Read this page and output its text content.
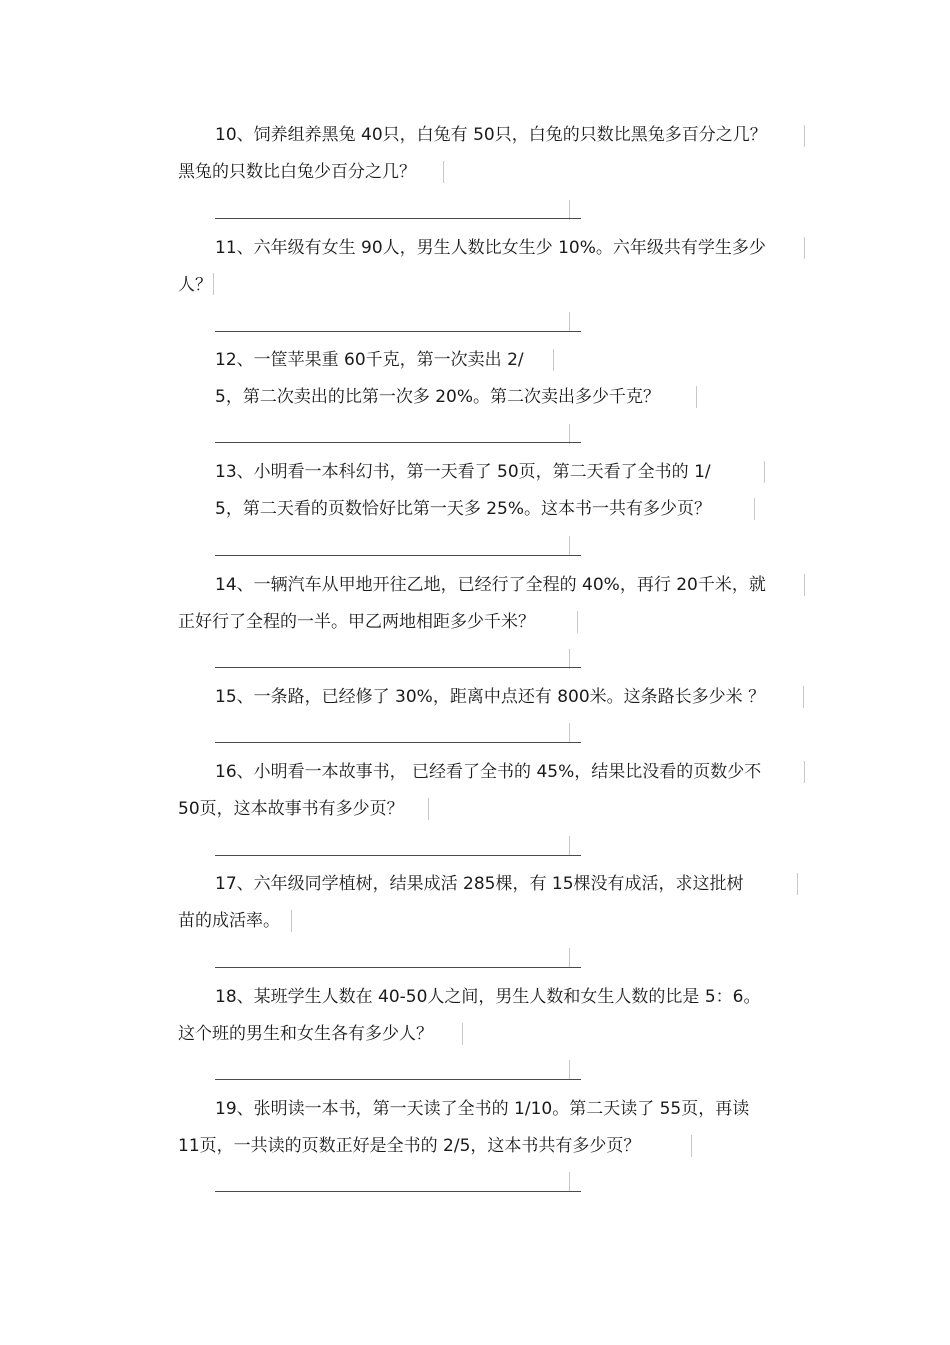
10、饲养组养黑兔 40只，白兔有 50只，白兔的只数比黑兔多百分之几？
黑兔的只数比白兔少百分之几？
11、六年级有女生 90人，男生人数比女生少 10%。六年级共有学生多少
人？
12、一筐苹果重 60千克，第一次卖出 2/
5，第二次卖出的比第一次多 20%。第二次卖出多少千克？
13、小明看一本科幻书，第一天看了 50页，第二天看了全书的 1/
5，第二天看的页数恰好比第一天多 25%。这本书一共有多少页？
14、一辆汽车从甲地开往乙地，已经行了全程的 40%，再行 20千米，就
正好行了全程的一半。甲乙两地相距多少千米？
15、一条路，已经修了 30%，距离中点还有 800米。这条路长多少米 ？
16、小明看一本故事书， 已经看了全书的 45%，结果比没看的页数少不
50页，这本故事书有多少页？
17、六年级同学植树，结果成活 285棵，有 15棵没有成活，求这批树
苗的成活率。
18、某班学生人数在 40-50人之间，男生人数和女生人数的比是 5：6。
这个班的男生和女生各有多少人？
19、张明读一本书，第一天读了全书的 1/10。第二天读了 55页，再读
11页，一共读的页数正好是全书的 2/5，这本书共有多少页？
